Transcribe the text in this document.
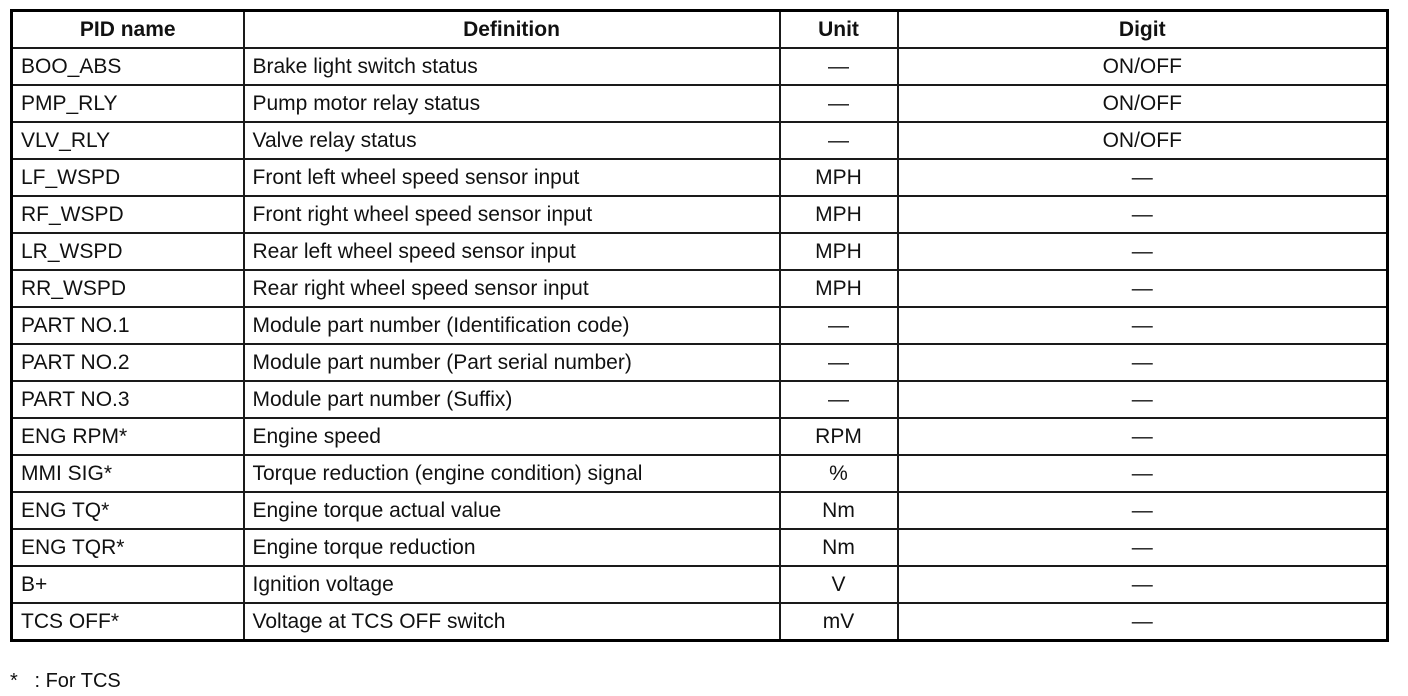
PID name	Definition	Unit	Digit
BOO_ABS	Brake light switch status	—	ON/OFF
PMP_RLY	Pump motor relay status	—	ON/OFF
VLV_RLY	Valve relay status	—	ON/OFF
LF_WSPD	Front left wheel speed sensor input	MPH	—
RF_WSPD	Front right wheel speed sensor input	MPH	—
LR_WSPD	Rear left wheel speed sensor input	MPH	—
RR_WSPD	Rear right wheel speed sensor input	MPH	—
PART NO.1	Module part number (Identification code)	—	—
PART NO.2	Module part number (Part serial number)	—	—
PART NO.3	Module part number (Suffix)	—	—
ENG RPM*	Engine speed	RPM	—
MMI SIG*	Torque reduction (engine condition) signal	%	—
ENG TQ*	Engine torque actual value	Nm	—
ENG TQR*	Engine torque reduction	Nm	—
B+	Ignition voltage	V	—
TCS OFF*	Voltage at TCS OFF switch	mV	—
*   : For TCS
